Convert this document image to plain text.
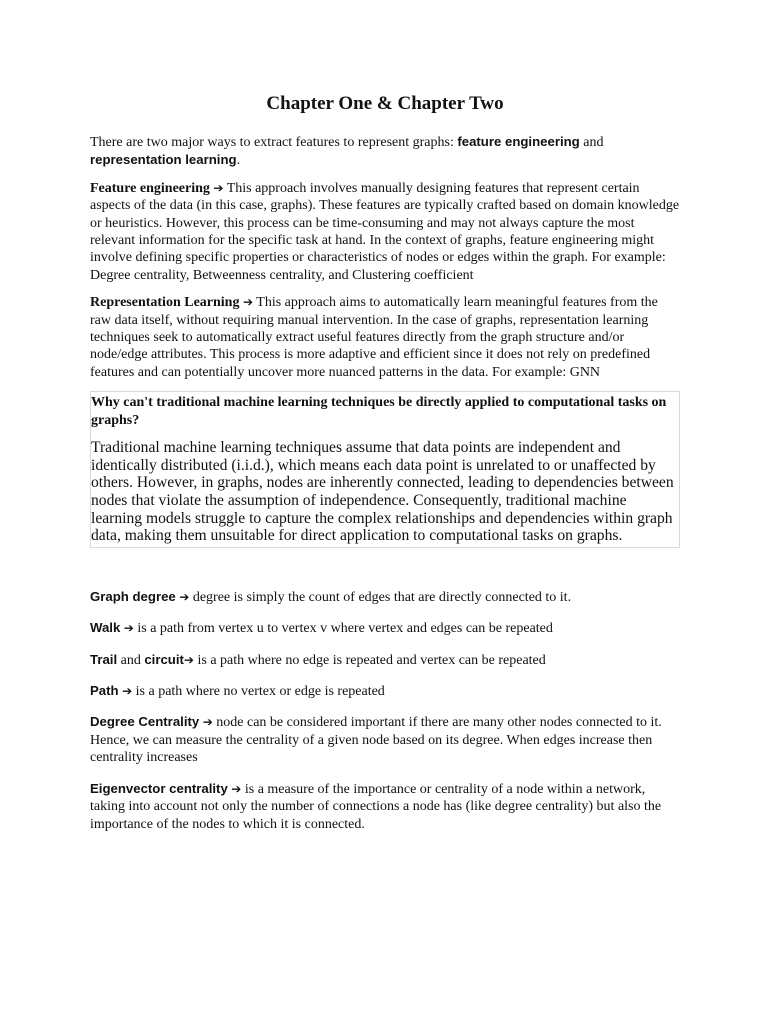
Chapter One & Chapter Two

There are two major ways to extract features to represent graphs: feature engineering and
representation learning.

Feature engineering ➔ This approach involves manually designing features that represent certain aspects of the data (in this case, graphs). These features are typically crafted based on domain knowledge or heuristics. However, this process can be time-consuming and may not always capture the most relevant information for the specific task at hand. In the context of graphs, feature engineering might involve defining specific properties or characteristics of nodes or edges within the graph. For example: Degree centrality, Betweenness centrality, and Clustering coefficient

Representation Learning ➔ This approach aims to automatically learn meaningful features from the raw data itself, without requiring manual intervention. In the case of graphs, representation learning techniques seek to automatically extract useful features directly from the graph structure and/or node/edge attributes. This process is more adaptive and efficient since it does not rely on predefined features and can potentially uncover more nuanced patterns in the data. For example: GNN

Why can't traditional machine learning techniques be directly applied to computational tasks on graphs?

Traditional machine learning techniques assume that data points are independent and identically distributed (i.i.d.), which means each data point is unrelated to or unaffected by others. However, in graphs, nodes are inherently connected, leading to dependencies between nodes that violate the assumption of independence. Consequently, traditional machine learning models struggle to capture the complex relationships and dependencies within graph data, making them unsuitable for direct application to computational tasks on graphs.

Graph degree ➔ degree is simply the count of edges that are directly connected to it.

Walk ➔ is a path from vertex u to vertex v where vertex and edges can be repeated

Trail and circuit➔ is a path where no edge is repeated and vertex can be repeated

Path ➔ is a path where no vertex or edge is repeated

Degree Centrality ➔ node can be considered important if there are many other nodes connected to it. Hence, we can measure the centrality of a given node based on its degree. When edges increase then centrality increases

Eigenvector centrality ➔ is a measure of the importance or centrality of a node within a network, taking into account not only the number of connections a node has (like degree centrality) but also the importance of the nodes to which it is connected.
